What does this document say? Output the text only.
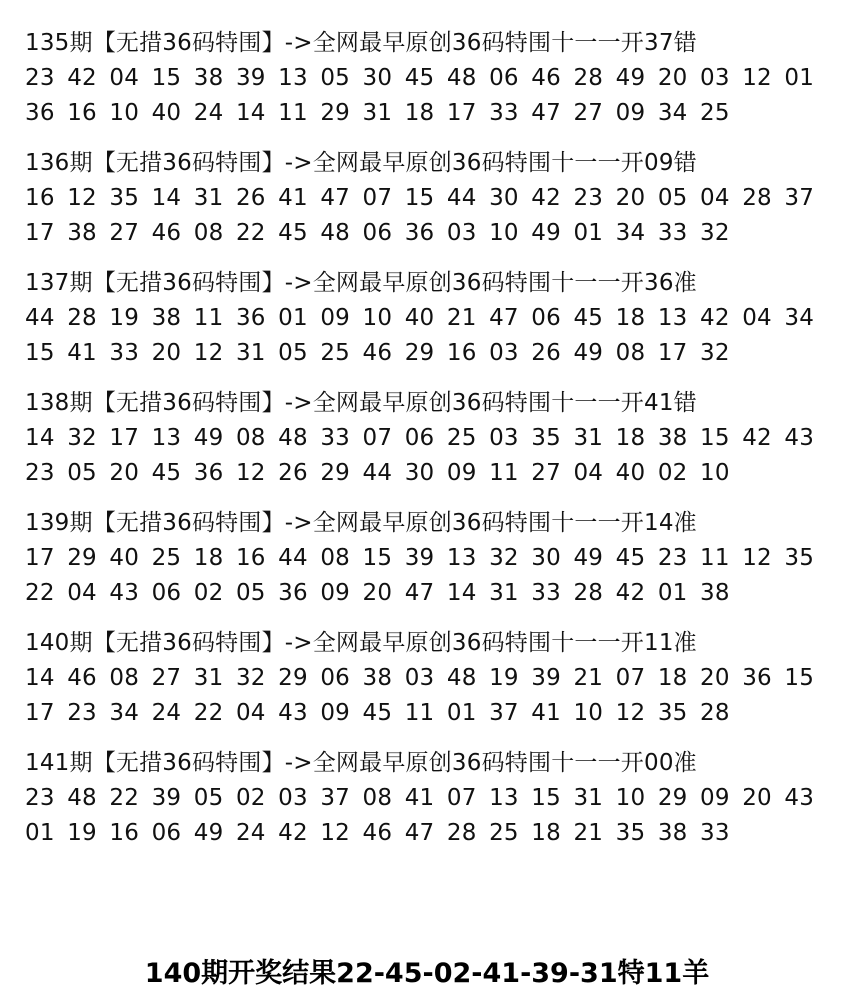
135期【无措36码特围】->全网最早原创36码特围十一一开37错
23 42 04 15 38 39 13 05 30 45 48 06 46 28 49 20 03 12 01
36 16 10 40 24 14 11 29 31 18 17 33 47 27 09 34 25
136期【无措36码特围】->全网最早原创36码特围十一一开09错
16 12 35 14 31 26 41 47 07 15 44 30 42 23 20 05 04 28 37
17 38 27 46 08 22 45 48 06 36 03 10 49 01 34 33 32
137期【无措36码特围】->全网最早原创36码特围十一一开36准
44 28 19 38 11 36 01 09 10 40 21 47 06 45 18 13 42 04 34
15 41 33 20 12 31 05 25 46 29 16 03 26 49 08 17 32
138期【无措36码特围】->全网最早原创36码特围十一一开41错
14 32 17 13 49 08 48 33 07 06 25 03 35 31 18 38 15 42 43
23 05 20 45 36 12 26 29 44 30 09 11 27 04 40 02 10
139期【无措36码特围】->全网最早原创36码特围十一一开14准
17 29 40 25 18 16 44 08 15 39 13 32 30 49 45 23 11 12 35
22 04 43 06 02 05 36 09 20 47 14 31 33 28 42 01 38
140期【无措36码特围】->全网最早原创36码特围十一一开11准
14 46 08 27 31 32 29 06 38 03 48 19 39 21 07 18 20 36 15
17 23 34 24 22 04 43 09 45 11 01 37 41 10 12 35 28
141期【无措36码特围】->全网最早原创36码特围十一一开00准
23 48 22 39 05 02 03 37 08 41 07 13 15 31 10 29 09 20 43
01 19 16 06 49 24 42 12 46 47 28 25 18 21 35 38 33
140期开奖结果22-45-02-41-39-31特11羊
